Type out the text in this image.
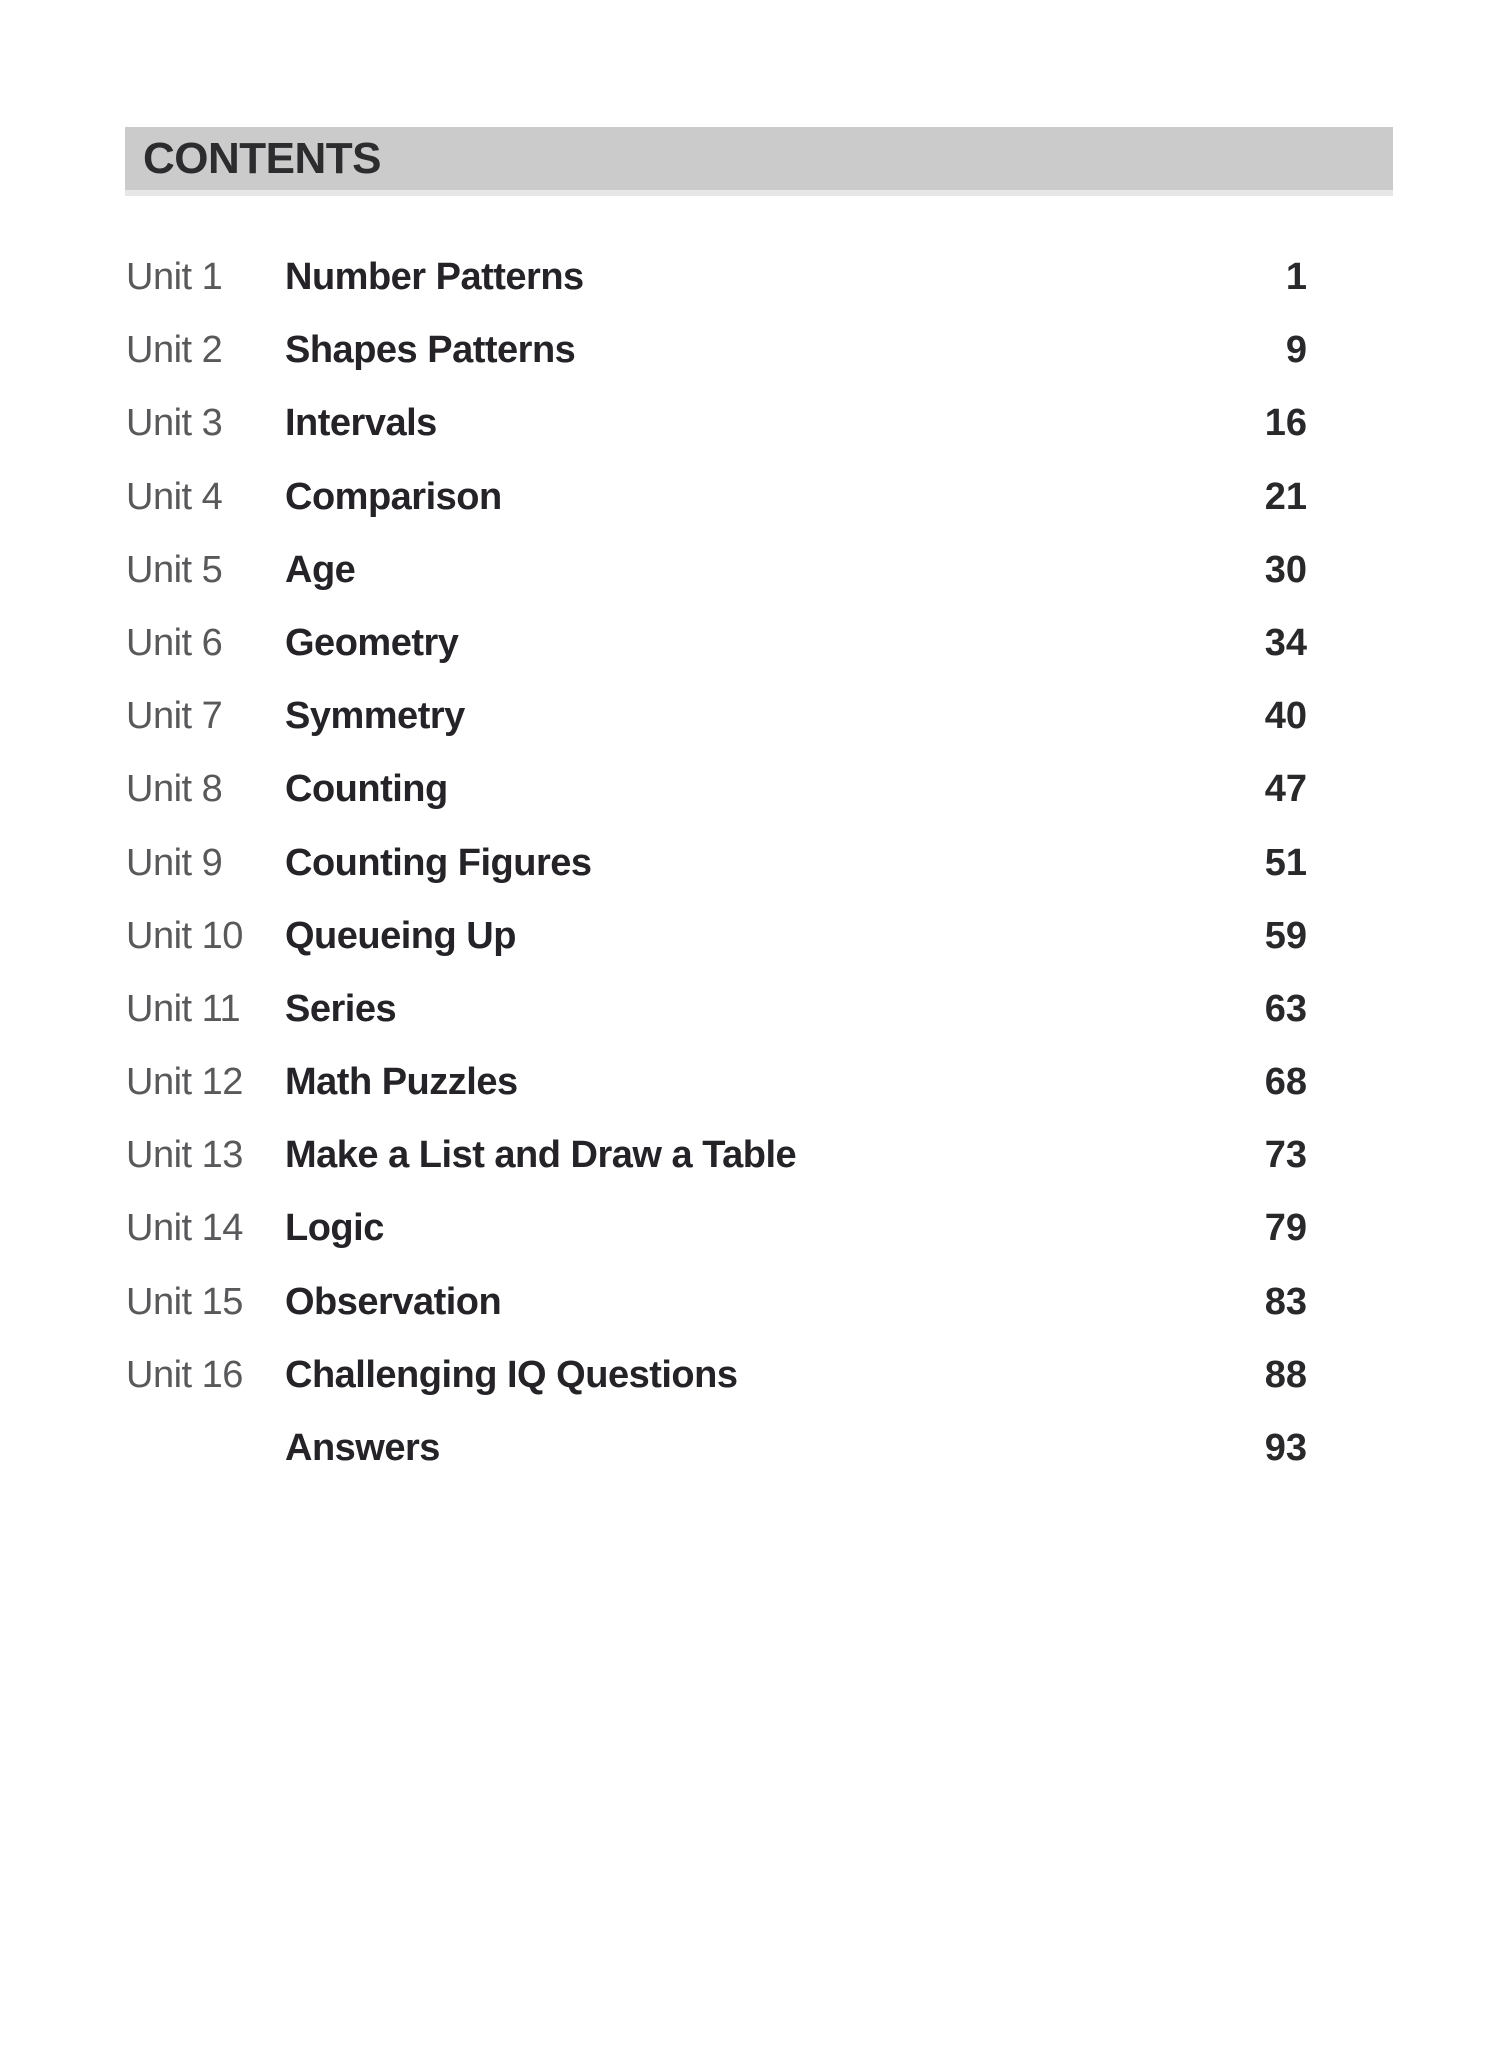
CONTENTS
Unit 1 Number Patterns	1
Unit 2 Shapes Patterns	9
Unit 3 Intervals	16
Unit 4 Comparison	21
Unit 5 Age	30
Unit 6 Geometry	34
Unit 7 Symmetry	40
Unit 8 Counting	47
Unit 9 Counting Figures	51
Unit 10 Queueing Up	59
Unit 11 Series	63
Unit 12 Math Puzzles	68
Unit 13 Make a List and Draw a Table	73
Unit 14 Logic	79
Unit 15 Observation	83
Unit 16 Challenging IQ Questions	88
Answers	93
